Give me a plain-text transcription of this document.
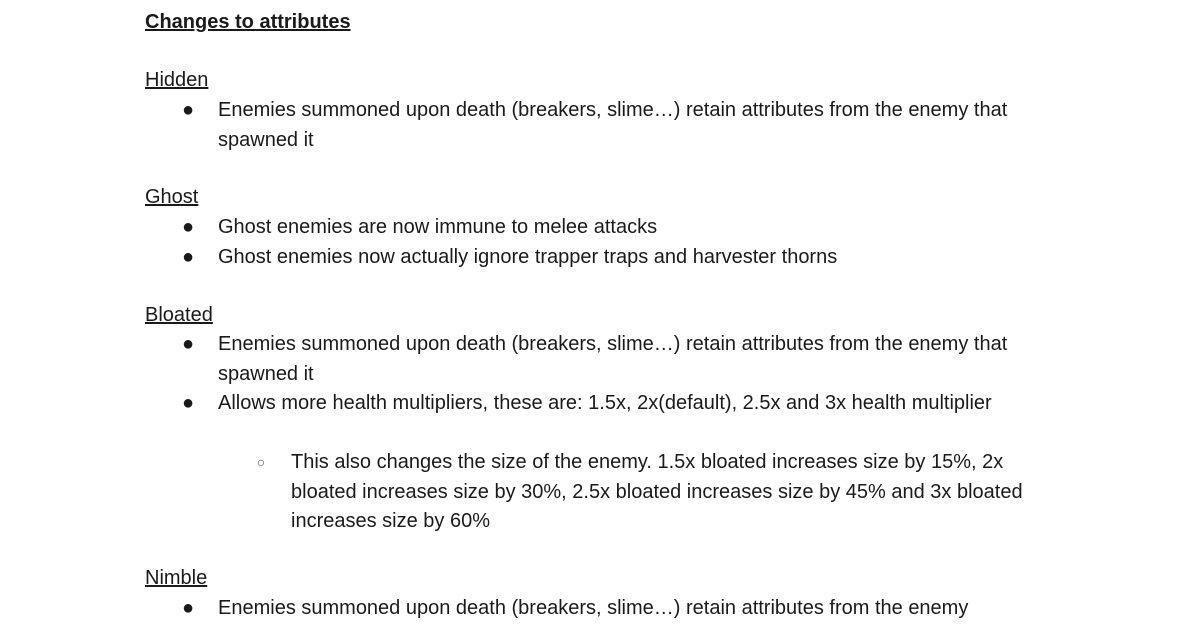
Changes to attributes
Hidden
● Enemies summoned upon death (breakers, slime…) retain attributes from the enemy that spawned it
Ghost
● Ghost enemies are now immune to melee attacks
● Ghost enemies now actually ignore trapper traps and harvester thorns
Bloated
● Enemies summoned upon death (breakers, slime…) retain attributes from the enemy that spawned it
● Allows more health multipliers, these are: 1.5x, 2x(default), 2.5x and 3x health multiplier
○ This also changes the size of the enemy. 1.5x bloated increases size by 15%, 2x bloated increases size by 30%, 2.5x bloated increases size by 45% and 3x bloated increases size by 60%
Nimble
● Enemies summoned upon death (breakers, slime…) retain attributes from the enemy
